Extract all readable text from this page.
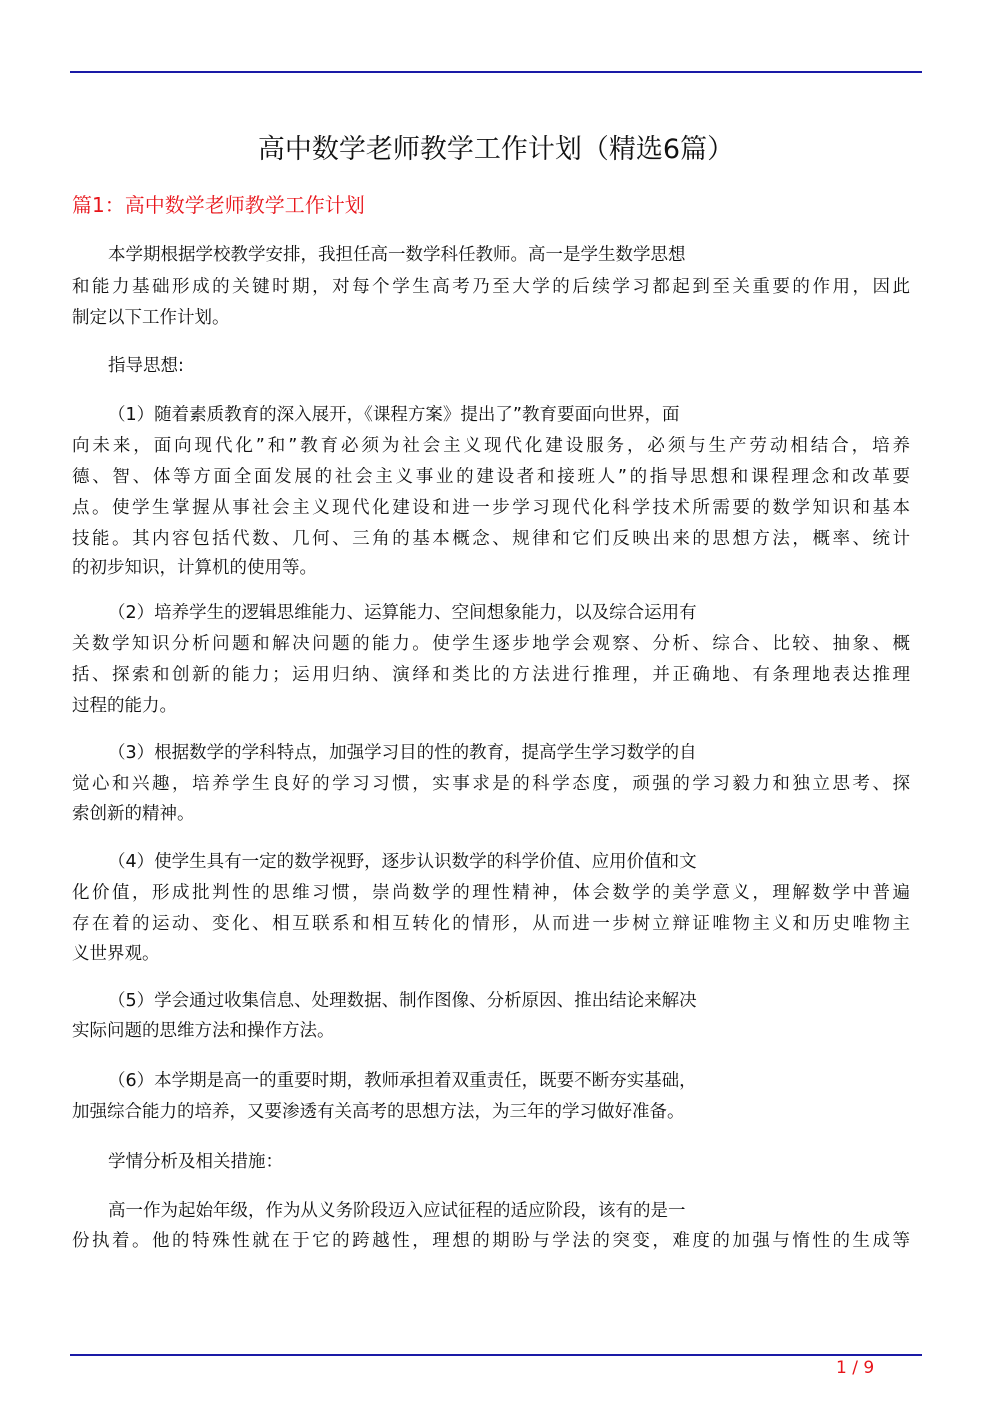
高中数学老师教学工作计划（精选6篇）
篇1：高中数学老师教学工作计划
本学期根据学校教学安排，我担任高一数学科任教师。高一是学生数学思想
和能力基础形成的关键时期，对每个学生高考乃至大学的后续学习都起到至关重要的作用，因此
制定以下工作计划。
指导思想:
（1）随着素质教育的深入展开，《课程方案》提出了”教育要面向世界，面
向未来，面向现代化”和”教育必须为社会主义现代化建设服务，必须与生产劳动相结合，培养
德、智、体等方面全面发展的社会主义事业的建设者和接班人”的指导思想和课程理念和改革要
点。使学生掌握从事社会主义现代化建设和进一步学习现代化科学技术所需要的数学知识和基本
技能。其内容包括代数、几何、三角的基本概念、规律和它们反映出来的思想方法，概率、统计
的初步知识，计算机的使用等。
（2）培养学生的逻辑思维能力、运算能力、空间想象能力，以及综合运用有
关数学知识分析问题和解决问题的能力。使学生逐步地学会观察、分析、综合、比较、抽象、概
括、探索和创新的能力；运用归纳、演绎和类比的方法进行推理，并正确地、有条理地表达推理
过程的能力。
（3）根据数学的学科特点，加强学习目的性的教育，提高学生学习数学的自
觉心和兴趣，培养学生良好的学习习惯，实事求是的科学态度，顽强的学习毅力和独立思考、探
索创新的精神。
（4）使学生具有一定的数学视野，逐步认识数学的科学价值、应用价值和文
化价值，形成批判性的思维习惯，崇尚数学的理性精神，体会数学的美学意义，理解数学中普遍
存在着的运动、变化、相互联系和相互转化的情形，从而进一步树立辩证唯物主义和历史唯物主
义世界观。
（5）学会通过收集信息、处理数据、制作图像、分析原因、推出结论来解决
实际问题的思维方法和操作方法。
（6）本学期是高一的重要时期，教师承担着双重责任，既要不断夯实基础，
加强综合能力的培养，又要渗透有关高考的思想方法，为三年的学习做好准备。
学情分析及相关措施：
高一作为起始年级，作为从义务阶段迈入应试征程的适应阶段，该有的是一
份执着。他的特殊性就在于它的跨越性，理想的期盼与学法的突变，难度的加强与惰性的生成等
1 / 9
